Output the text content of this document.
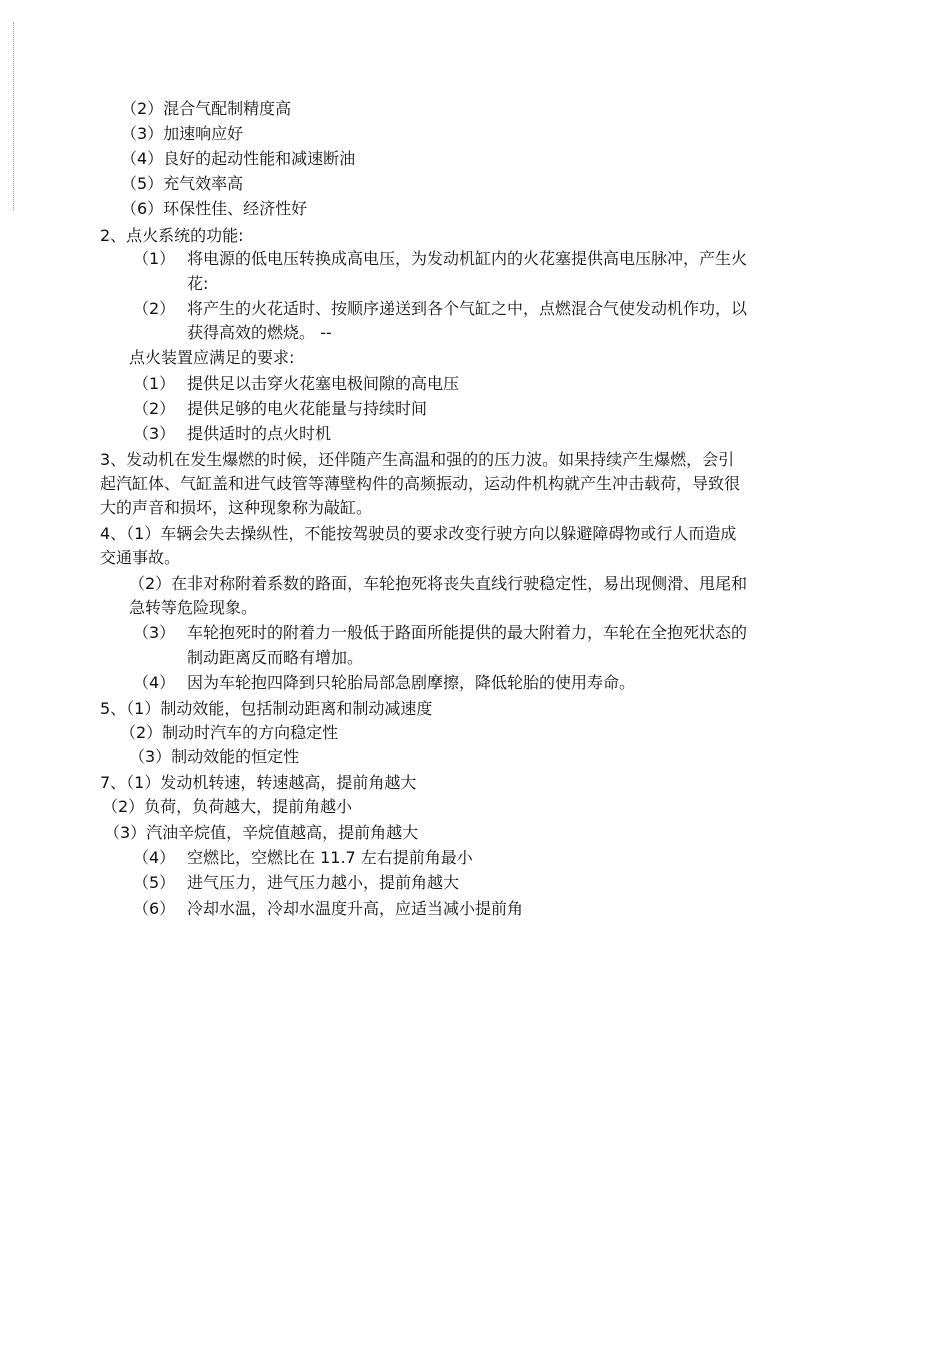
（2）混合气配制精度高
（3）加速响应好
（4）良好的起动性能和减速断油
（5）充气效率高
（6）环保性佳、经济性好
2、点火系统的功能:
（1） 将电源的低电压转换成高电压，为发动机缸内的火花塞提供高电压脉冲，产生火
花:
（2） 将产生的火花适时、按顺序递送到各个气缸之中，点燃混合气使发动机作功，以
获得高效的燃烧。 --
点火装置应满足的要求:
（1） 提供足以击穿火花塞电极间隙的高电压
（2） 提供足够的电火花能量与持续时间
（3） 提供适时的点火时机
3、发动机在发生爆燃的时候，还伴随产生高温和强的的压力波。如果持续产生爆燃，会引
起汽缸体、气缸盖和进气歧管等薄壁构件的高频振动，运动件机构就产生冲击载荷，导致很
大的声音和损坏，这种现象称为敲缸。
4、（1）车辆会失去操纵性，不能按驾驶员的要求改变行驶方向以躲避障碍物或行人而造成
交通事故。
（2）在非对称附着系数的路面，车轮抱死将丧失直线行驶稳定性，易出现侧滑、甩尾和
急转等危险现象。
（3） 车轮抱死时的附着力一般低于路面所能提供的最大附着力，车轮在全抱死状态的
制动距离反而略有增加。
（4） 因为车轮抱四降到只轮胎局部急剧摩擦，降低轮胎的使用寿命。
5、（1）制动效能，包括制动距离和制动减速度
（2）制动时汽车的方向稳定性
（3）制动效能的恒定性
7、（1）发动机转速，转速越高，提前角越大
（2）负荷，负荷越大，提前角越小
（3）汽油辛烷值，辛烷值越高，提前角越大
（4） 空燃比，空燃比在 11.7 左右提前角最小
（5） 进气压力，进气压力越小，提前角越大
（6） 冷却水温，冷却水温度升高，应适当减小提前角
